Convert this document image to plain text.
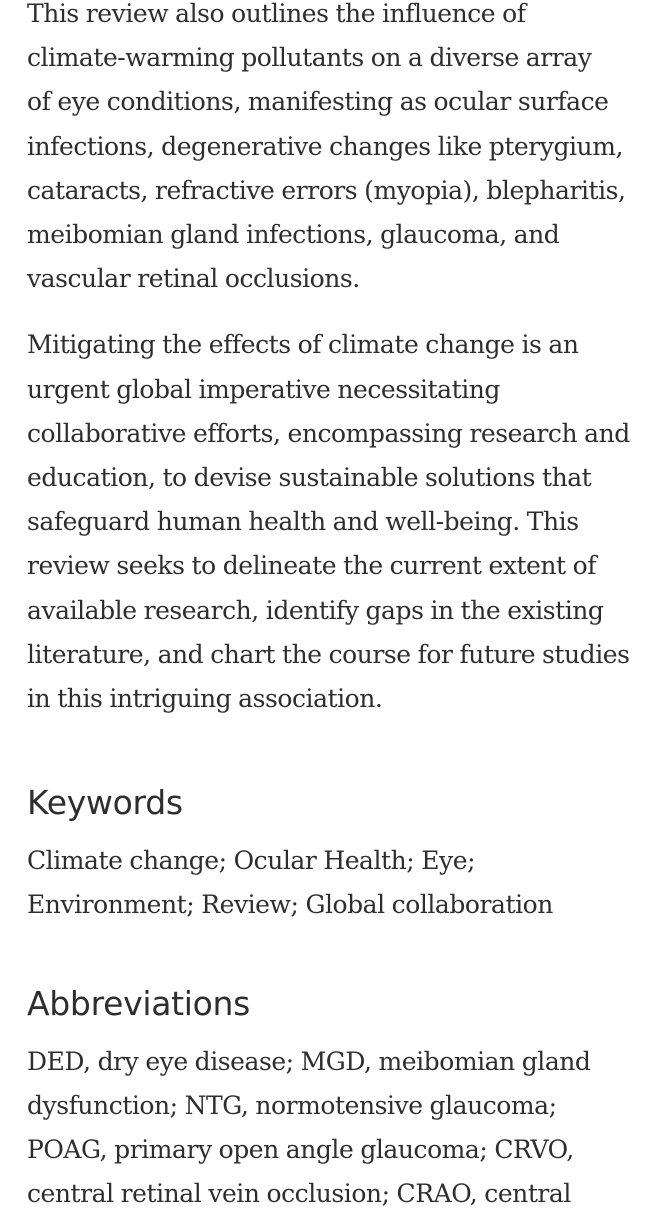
This review also outlines the influence of

climate-warming pollutants on a diverse array

of eye conditions, manifesting as ocular surface

infections, degenerative changes like pterygium,

cataracts, refractive errors (myopia), blepharitis,

meibomian gland infections, glaucoma, and

vascular retinal occlusions.

Mitigating the effects of climate change is an

urgent global imperative necessitating

collaborative efforts, encompassing research and

education, to devise sustainable solutions that

safeguard human health and well-being. This

review seeks to delineate the current extent of

available research, identify gaps in the existing

literature, and chart the course for future studies

in this intriguing association.

Keywords

Climate change; Ocular Health; Eye;

Environment; Review; Global collaboration

Abbreviations

DED, dry eye disease; MGD, meibomian gland

dysfunction; NTG, normotensive glaucoma;

POAG, primary open angle glaucoma; CRVO,

central retinal vein occlusion; CRAO, central
